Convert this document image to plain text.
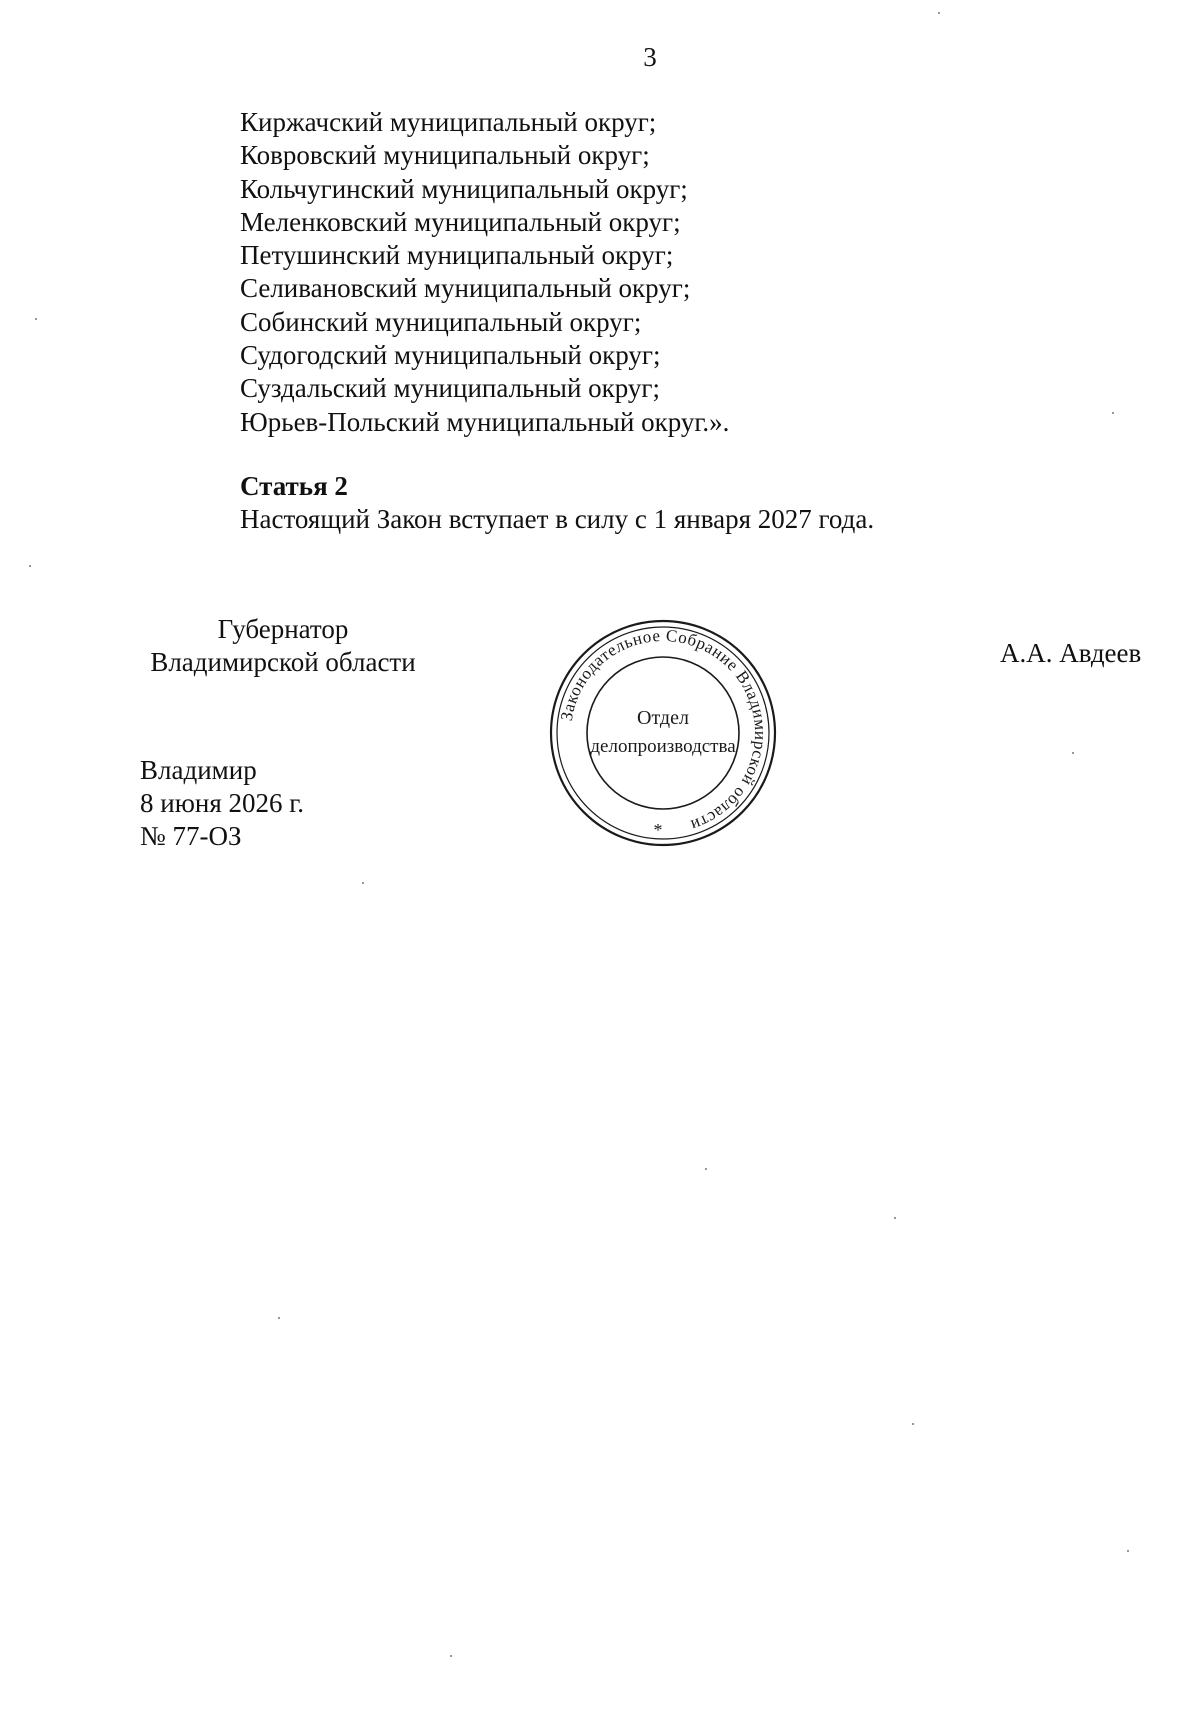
3
Киржачский муниципальный округ;
Ковровский муниципальный округ;
Кольчугинский муниципальный округ;
Меленковский муниципальный округ;
Петушинский муниципальный округ;
Селивановский муниципальный округ;
Собинский муниципальный округ;
Судогодский муниципальный округ;
Суздальский муниципальный округ;
Юрьев-Польский муниципальный округ.».
Статья 2
Настоящий Закон вступает в силу с 1 января 2027 года.
Губернатор
Владимирской области
Законодательное Собрание Владимирской области
Отдел
делопроизводства
*
А.А. Авдеев
Владимир
8 июня 2026 г.
№ 77-ОЗ
